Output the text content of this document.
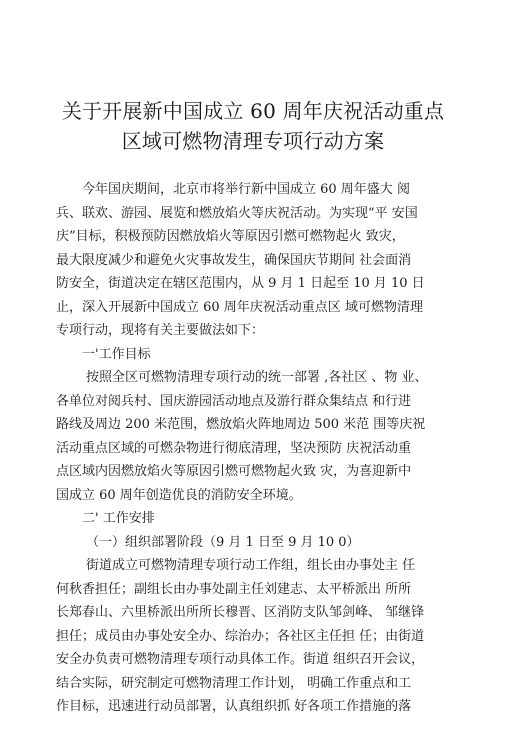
关于开展新中国成立 60 周年庆祝活动重点
区域可燃物清理专项行动方案
今年国庆期间，北京市将举行新中国成立 60 周年盛大 阅
兵、联欢、游园、展览和燃放焰火等庆祝活动。为实现“平 安国
庆”目标，积极预防因燃放焰火等原因引燃可燃物起火 致灾，
最大限度减少和避免火灾事故发生，确保国庆节期间 社会面消
防安全，街道决定在辖区范围内，从 9 月 1 日起至 10 月 10 日
止，深入开展新中国成立 60 周年庆祝活动重点区 域可燃物清理
专项行动，现将有关主要做法如下：
一'工作目标
按照全区可燃物清理专项行动的统一部署 ,各社区 、物 业、
各单位对阅兵村、国庆游园活动地点及游行群众集结点 和行进
路线及周边 200 米范围，燃放焰火阵地周边 500 米范 围等庆祝
活动重点区域的可燃杂物进行彻底清理，坚决预防 庆祝活动重
点区域内因燃放焰火等原因引燃可燃物起火致 灾，为喜迎新中
国成立 60 周年创造优良的消防安全环境。
二' 工作安排
（一）组织部署阶段（9 月 1 日至 9 月 10 0）
街道成立可燃物清理专项行动工作组，组长由办事处主 任
何秋香担任；副组长由办事处副主任刘建志、太平桥派出 所所
长郑春山、六里桥派出所所长穆晋、区消防支队邹剑峰、 邹继锋
担任；成员由办事处安全办、综治办；各社区主任担 任；由街道
安全办负责可燃物清理专项行动具体工作。街道 组织召开会议，
结合实际，研究制定可燃物清理工作计划， 明确工作重点和工
作目标，迅速进行动员部署，认真组织抓 好各项工作措施的落
